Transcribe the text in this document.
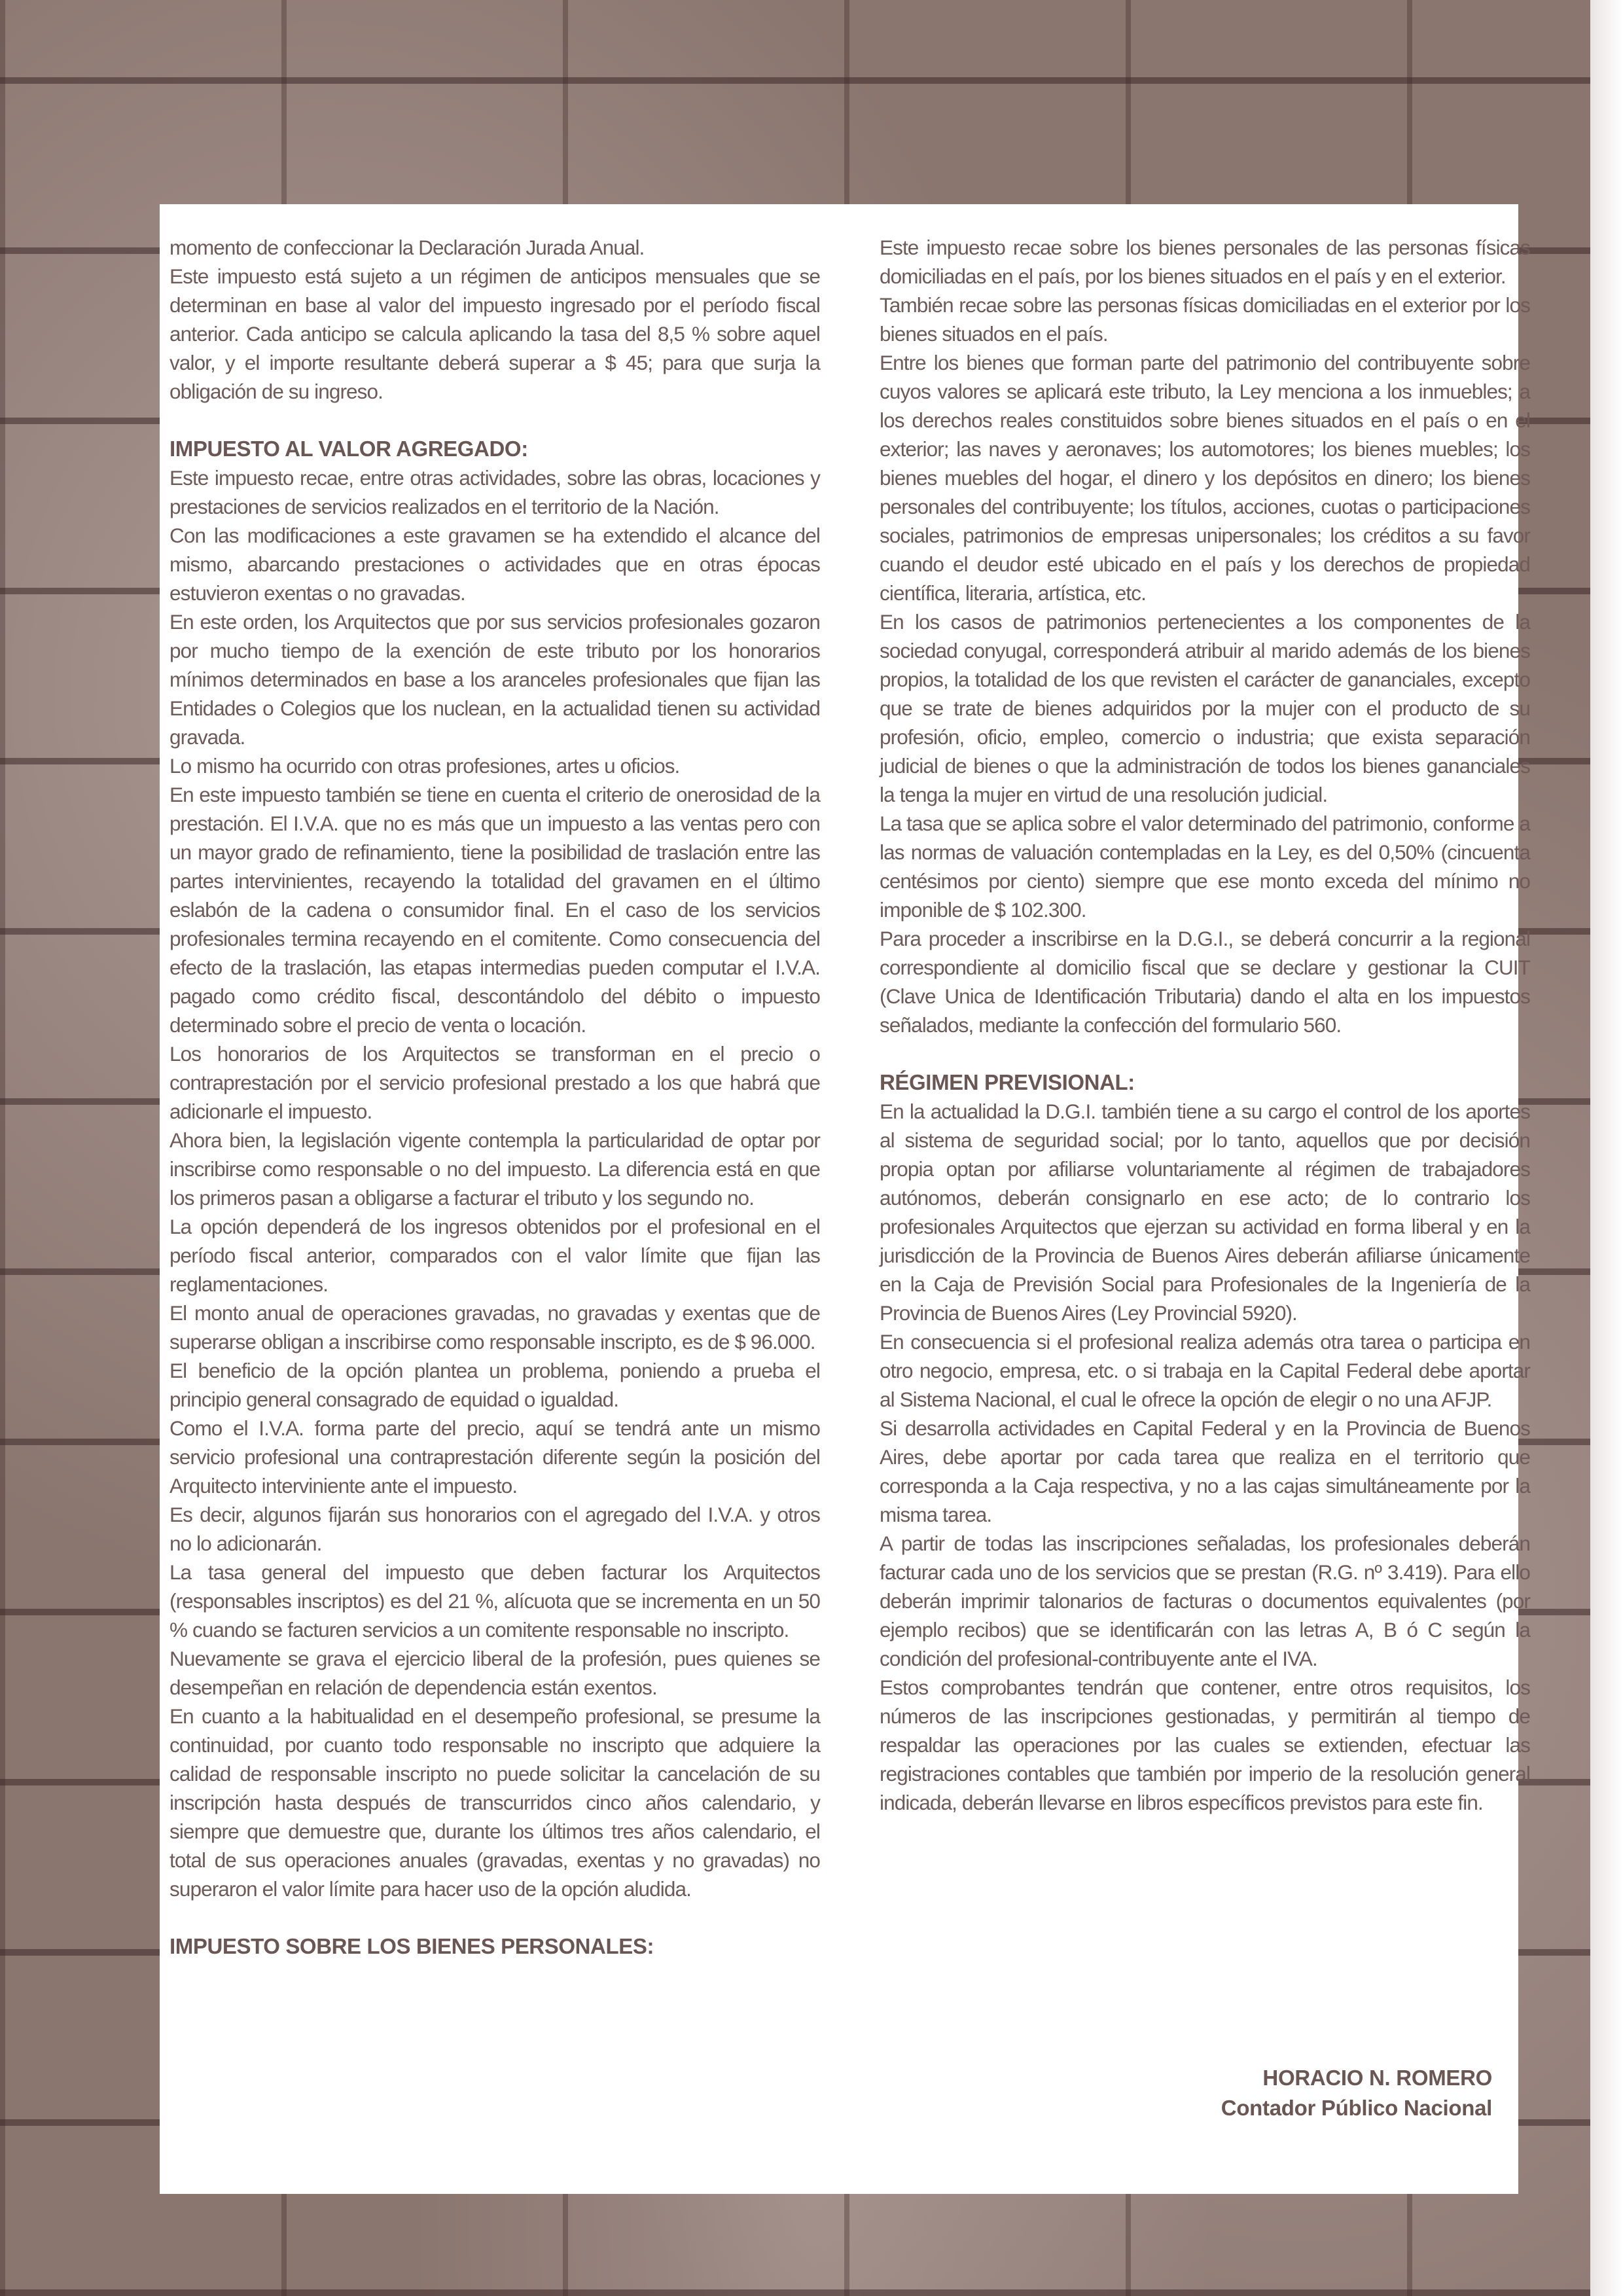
momento de confeccionar la Declaración Jurada Anual.

Este impuesto está sujeto a un régimen de anticipos mensuales que se determinan en base al valor del impuesto ingresado por el período fiscal anterior. Cada anticipo se calcula aplicando la tasa del 8,5 % sobre aquel valor, y el importe resultante deberá superar a $ 45; para que surja la obligación de su ingreso.

IMPUESTO AL VALOR AGREGADO:

Este impuesto recae, entre otras actividades, sobre las obras, locaciones y prestaciones de servicios realizados en el territorio de la Nación.

Con las modificaciones a este gravamen se ha extendido el alcance del mismo, abarcando prestaciones o actividades que en otras épocas estuvieron exentas o no gravadas.

En este orden, los Arquitectos que por sus servicios profesionales gozaron por mucho tiempo de la exención de este tributo por los honorarios mínimos determinados en base a los aranceles profesionales que fijan las Entidades o Colegios que los nuclean, en la actualidad tienen su actividad gravada.

Lo mismo ha ocurrido con otras profesiones, artes u oficios.

En este impuesto también se tiene en cuenta el criterio de onerosidad de la prestación. El I.V.A. que no es más que un impuesto a las ventas pero con un mayor grado de refinamiento, tiene la posibilidad de traslación entre las partes intervinientes, recayendo la totalidad del gravamen en el último eslabón de la cadena o consumidor final. En el caso de los servicios profesionales termina recayendo en el comitente. Como consecuencia del efecto de la traslación, las etapas intermedias pueden computar el I.V.A. pagado como crédito fiscal, descontándolo del débito o impuesto determinado sobre el precio de venta o locación.

Los honorarios de los Arquitectos se transforman en el precio o contraprestación por el servicio profesional prestado a los que habrá que adicionarle el impuesto.

Ahora bien, la legislación vigente contempla la particularidad de optar por inscribirse como responsable o no del impuesto. La diferencia está en que los primeros pasan a obligarse a facturar el tributo y los segundo no.

La opción dependerá de los ingresos obtenidos por el profesional en el período fiscal anterior, comparados con el valor límite que fijan las reglamentaciones.

El monto anual de operaciones gravadas, no gravadas y exentas que de superarse obligan a inscribirse como responsable inscripto, es de $ 96.000.

El beneficio de la opción plantea un problema, poniendo a prueba el principio general consagrado de equidad o igualdad.

Como el I.V.A. forma parte del precio, aquí se tendrá ante un mismo servicio profesional una contraprestación diferente según la posición del Arquitecto interviniente ante el impuesto.

Es decir, algunos fijarán sus honorarios con el agregado del I.V.A. y otros no lo adicionarán.

La tasa general del impuesto que deben facturar los Arquitectos (responsables inscriptos) es del 21 %, alícuota que se incrementa en un 50 % cuando se facturen servicios a un comitente responsable no inscripto.

Nuevamente se grava el ejercicio liberal de la profesión, pues quienes se desempeñan en relación de dependencia están exentos.

En cuanto a la habitualidad en el desempeño profesional, se presume la continuidad, por cuanto todo responsable no inscripto que adquiere la calidad de responsable inscripto no puede solicitar la cancelación de su inscripción hasta después de transcurridos cinco años calendario, y siempre que demuestre que, durante los últimos tres años calendario, el total de sus operaciones anuales (gravadas, exentas y no gravadas) no superaron el valor límite para hacer uso de la opción aludida.

IMPUESTO SOBRE LOS BIENES PERSONALES:

Este impuesto recae sobre los bienes personales de las personas físicas domiciliadas en el país, por los bienes situados en el país y en el exterior.

También recae sobre las personas físicas domiciliadas en el exterior por los bienes situados en el país.

Entre los bienes que forman parte del patrimonio del contribuyente sobre cuyos valores se aplicará este tributo, la Ley menciona a los inmuebles; a los derechos reales constituidos sobre bienes situados en el país o en el exterior; las naves y aeronaves; los automotores; los bienes muebles; los bienes muebles del hogar, el dinero y los depósitos en dinero; los bienes personales del contribuyente; los títulos, acciones, cuotas o participaciones sociales, patrimonios de empresas unipersonales; los créditos a su favor cuando el deudor esté ubicado en el país y los derechos de propiedad científica, literaria, artística, etc.

En los casos de patrimonios pertenecientes a los componentes de la sociedad conyugal, corresponderá atribuir al marido además de los bienes propios, la totalidad de los que revisten el carácter de gananciales, excepto que se trate de bienes adquiridos por la mujer con el producto de su profesión, oficio, empleo, comercio o industria; que exista separación judicial de bienes o que la administración de todos los bienes gananciales la tenga la mujer en virtud de una resolución judicial.

La tasa que se aplica sobre el valor determinado del patrimonio, conforme a las normas de valuación contempladas en la Ley, es del 0,50% (cincuenta centésimos por ciento) siempre que ese monto exceda del mínimo no imponible de $ 102.300.

Para proceder a inscribirse en la D.G.I., se deberá concurrir a la regional correspondiente al domicilio fiscal que se declare y gestionar la CUIT (Clave Unica de Identificación Tributaria) dando el alta en los impuestos señalados, mediante la confección del formulario 560.

RÉGIMEN PREVISIONAL:

En la actualidad la D.G.I. también tiene a su cargo el control de los aportes al sistema de seguridad social; por lo tanto, aquellos que por decisión propia optan por afiliarse voluntariamente al régimen de trabajadores autónomos, deberán consignarlo en ese acto; de lo contrario los profesionales Arquitectos que ejerzan su actividad en forma liberal y en la jurisdicción de la Provincia de Buenos Aires deberán afiliarse únicamente en la Caja de Previsión Social para Profesionales de la Ingeniería de la Provincia de Buenos Aires (Ley Provincial 5920).

En consecuencia si el profesional realiza además otra tarea o participa en otro negocio, empresa, etc. o si trabaja en la Capital Federal debe aportar al Sistema Nacional, el cual le ofrece la opción de elegir o no una AFJP.

Si desarrolla actividades en Capital Federal y en la Provincia de Buenos Aires, debe aportar por cada tarea que realiza en el territorio que corresponda a la Caja respectiva, y no a las cajas simultáneamente por la misma tarea.

A partir de todas las inscripciones señaladas, los profesionales deberán facturar cada uno de los servicios que se prestan (R.G. nº 3.419). Para ello deberán imprimir talonarios de facturas o documentos equivalentes (por ejemplo recibos) que se identificarán con las letras A, B ó C según la condición del profesional-contribuyente ante el IVA.

Estos comprobantes tendrán que contener, entre otros requisitos, los números de las inscripciones gestionadas, y permitirán al tiempo de respaldar las operaciones por las cuales se extienden, efectuar las registraciones contables que también por imperio de la resolución general indicada, deberán llevarse en libros específicos previstos para este fin.

HORACIO N. ROMERO
Contador Público Nacional
